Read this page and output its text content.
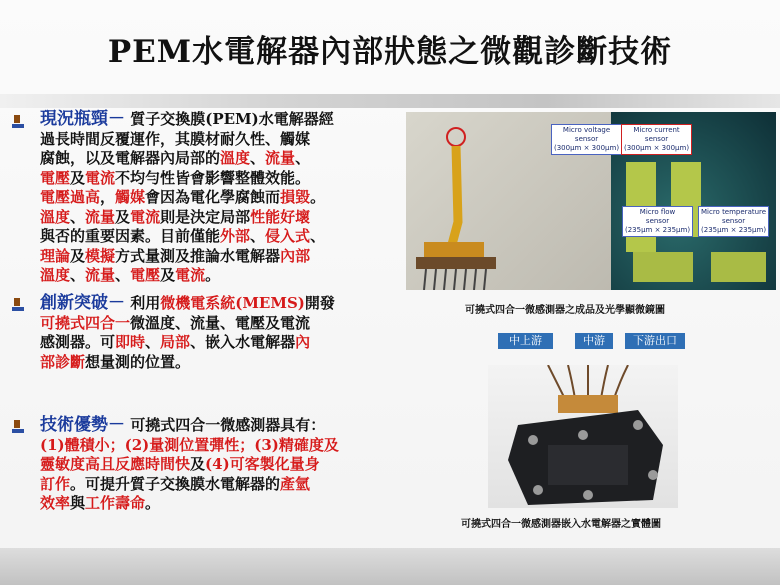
PEM水電解器內部狀態之微觀診斷技術
現況瓶頸－ 質子交換膜(PEM)水電解器經
過長時間反覆運作，其膜材耐久性、觸媒
腐蝕，以及電解器內局部的溫度、流量、
電壓及電流不均勻性皆會影響整體效能。
電壓過高，觸媒會因為電化學腐蝕而損毀。
溫度、流量及電流則是決定局部性能好壞
與否的重要因素。目前僅能外部、侵入式、
理論及模擬方式量測及推論水電解器內部
溫度、流量、電壓及電流。
創新突破－ 利用微機電系統(MEMS)開發
可撓式四合一微溫度、流量、電壓及電流
感測器。可即時、局部、嵌入水電解器內
部診斷想量測的位置。
技術優勢－ 可撓式四合一微感測器具有：
(1)體積小；(2)量測位置彈性；(3)精確度及
靈敏度高且反應時間快及(4)可客製化量身
訂作。可提升質子交換膜水電解器的產氫
效率與工作壽命。
Micro voltage
sensor
(300μm × 300μm)
Micro current
sensor
(300μm × 300μm)
Micro flow
sensor
(235μm × 235μm)
Micro temperature
sensor
(235μm × 235μm)
可撓式四合一微感測器之成品及光學顯微鏡圖
中上游	中游	下游出口
可撓式四合一微感測器嵌入水電解器之實體圖
